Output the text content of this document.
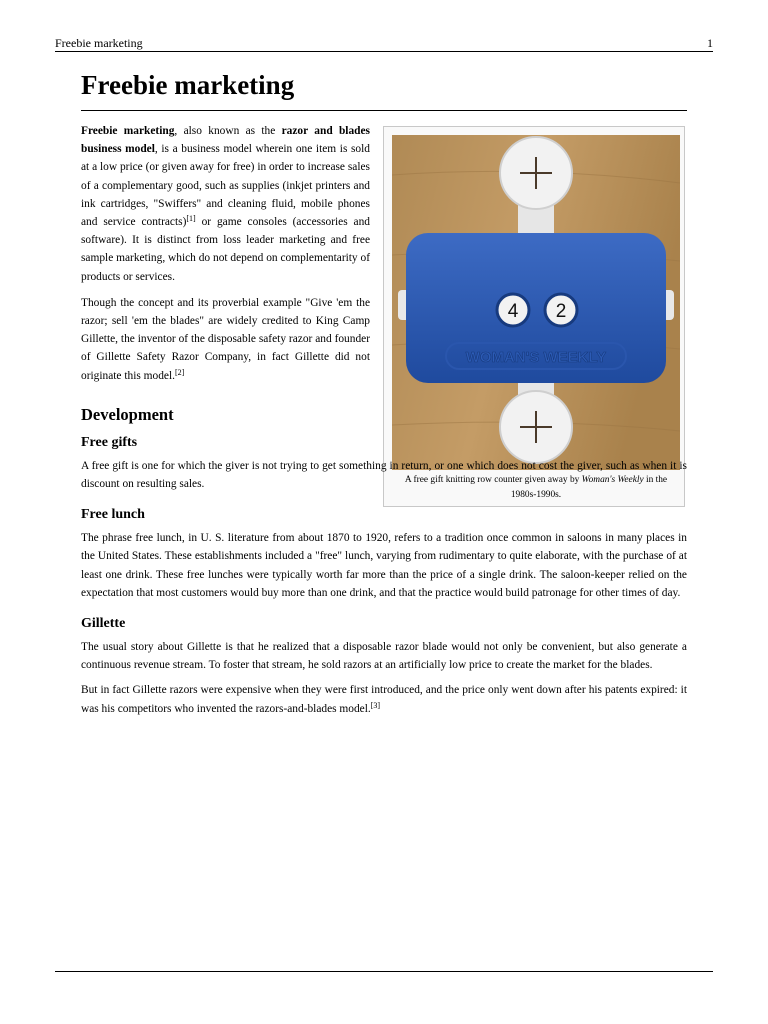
Freebie marketing	1
Freebie marketing
4 2
WOMAN'S WEEKLY
A free gift knitting row counter given away by Woman's Weekly in the 1980s-1990s.

Freebie marketing, also known as the razor and blades business model, is a business model wherein one item is sold at a low price (or given away for free) in order to increase sales of a complementary good, such as supplies (inkjet printers and ink cartridges, "Swiffers" and cleaning fluid, mobile phones and service contracts)[1] or game consoles (accessories and software). It is distinct from loss leader marketing and free sample marketing, which do not depend on complementarity of products or services.

Though the concept and its proverbial example "Give 'em the razor; sell 'em the blades" are widely credited to King Camp Gillette, the inventor of the disposable safety razor and founder of Gillette Safety Razor Company, in fact Gillette did not originate this model.[2]

Development
Free gifts

A free gift is one for which the giver is not trying to get something in return, or one which does not cost the giver, such as when it is discount on resulting sales.

Free lunch

The phrase free lunch, in U. S. literature from about 1870 to 1920, refers to a tradition once common in saloons in many places in the United States. These establishments included a "free" lunch, varying from rudimentary to quite elaborate, with the purchase of at least one drink. These free lunches were typically worth far more than the price of a single drink. The saloon-keeper relied on the expectation that most customers would buy more than one drink, and that the practice would build patronage for other times of day.

Gillette

The usual story about Gillette is that he realized that a disposable razor blade would not only be convenient, but also generate a continuous revenue stream. To foster that stream, he sold razors at an artificially low price to create the market for the blades.

But in fact Gillette razors were expensive when they were first introduced, and the price only went down after his patents expired: it was his competitors who invented the razors-and-blades model.[3]
